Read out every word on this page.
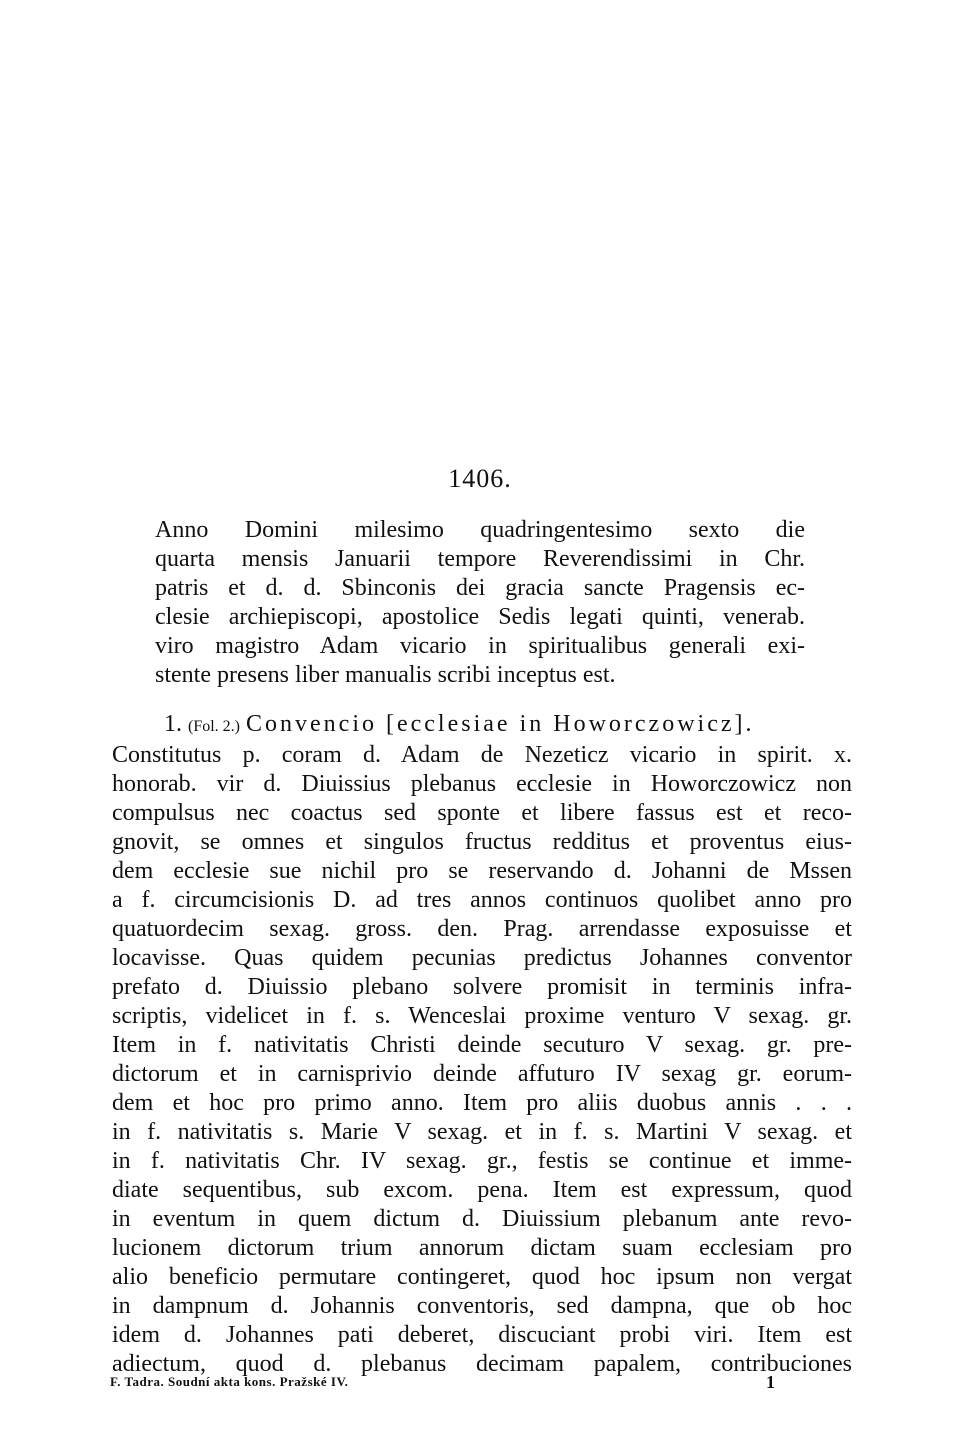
1406.
Anno Domini milesimo quadringentesimo sexto die
quarta mensis Januarii tempore Reverendissimi in Chr.
patris et d. d. Sbinconis dei gracia sancte Pragensis ec-
clesie archiepiscopi, apostolice Sedis legati quinti, venerab.
viro magistro Adam vicario in spiritualibus generali exi-
stente presens liber manualis scribi inceptus est.
1. (Fol. 2.) Convencio [ecclesiae in Howorczowicz].
Constitutus p. coram d. Adam de Nezeticz vicario in spirit. x.
honorab. vir d. Diuissius plebanus ecclesie in Howorczowicz non
compulsus nec coactus sed sponte et libere fassus est et reco-
gnovit, se omnes et singulos fructus redditus et proventus eius-
dem ecclesie sue nichil pro se reservando d. Johanni de Mssen
a f. circumcisionis D. ad tres annos continuos quolibet anno pro
quatuordecim sexag. gross. den. Prag. arrendasse exposuisse et
locavisse. Quas quidem pecunias predictus Johannes conventor
prefato d. Diuissio plebano solvere promisit in terminis infra-
scriptis, videlicet in f. s. Wenceslai proxime venturo V sexag. gr.
Item in f. nativitatis Christi deinde secuturo V sexag. gr. pre-
dictorum et in carnisprivio deinde affuturo IV sexag gr. eorum-
dem et hoc pro primo anno. Item pro aliis duobus annis . . .
in f. nativitatis s. Marie V sexag. et in f. s. Martini V sexag. et
in f. nativitatis Chr. IV sexag. gr., festis se continue et imme-
diate sequentibus, sub excom. pena. Item est expressum, quod
in eventum in quem dictum d. Diuissium plebanum ante revo-
lucionem dictorum trium annorum dictam suam ecclesiam pro
alio beneficio permutare contingeret, quod hoc ipsum non vergat
in dampnum d. Johannis conventoris, sed dampna, que ob hoc
idem d. Johannes pati deberet, discuciant probi viri. Item est
adiectum, quod d. plebanus decimam papalem, contribuciones
F. Tadra. Soudní akta kons. Pražské IV.	1
